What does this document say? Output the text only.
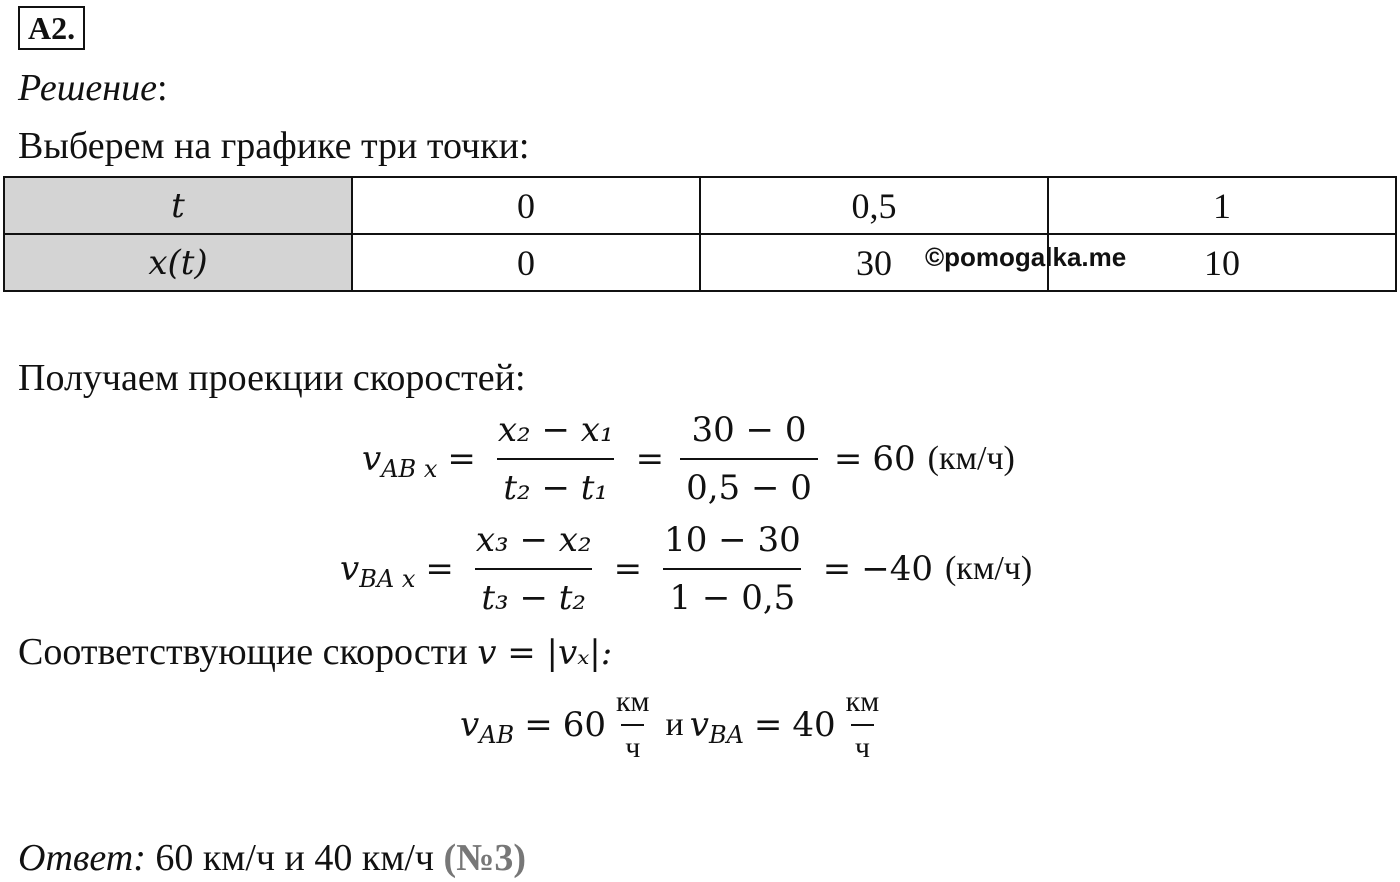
A2.
Решение:
Выберем на графике три точки:
t	0	0,5	1
x(t)	0	30	10
©pomogalka.me
Получаем проекции скоростей:
v AB $x = \frac{\text{x₂ − x₁}}{\text{t₂ − t₁}} = \frac{30 - 0}{0,5 - 0} = 60$ (км/ч)
v BA $x = \frac{\text{x₃ − x₂}}{\text{t₃ − t₂}} = \frac{10 - 30}{1 - 0,5} = -40$ (км/ч)
Соответствующие скорости v = |vₓ|:
v AB = $60 \frac{км}{ч}$ и v BA = $40 \frac{км}{ч}$
Ответ: 60 км/ч и 40 км/ч (№3)
